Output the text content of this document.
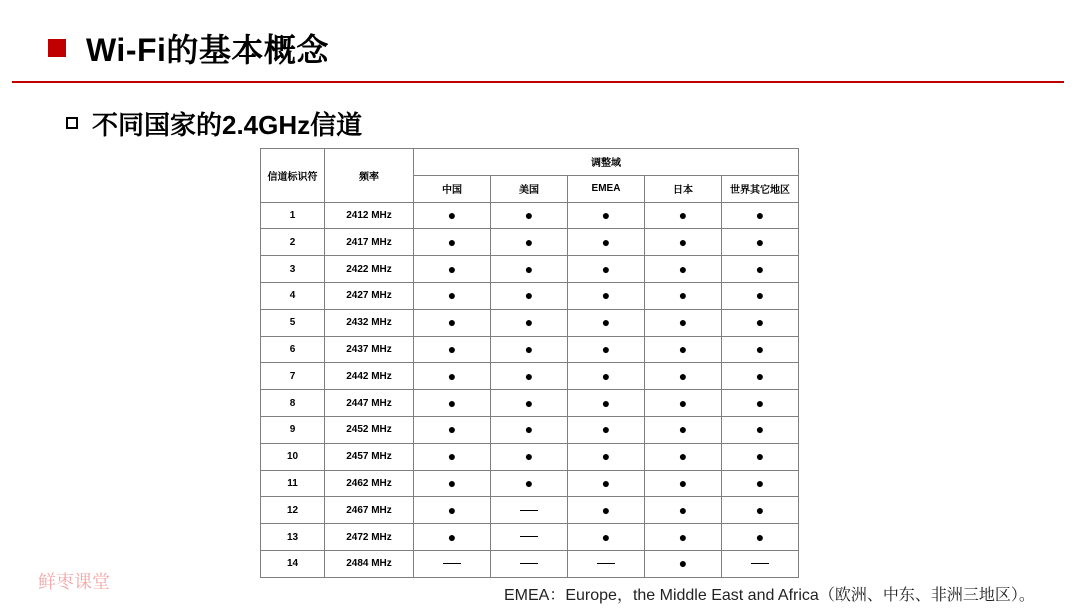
Wi-Fi的基本概念
不同国家的2.4GHz信道
信道标识符	频率	调整域				
		中国	美国	EMEA	日本	世界其它地区
1	2412 MHz	●	●	●	●	●
2	2417 MHz	●	●	●	●	●
3	2422 MHz	●	●	●	●	●
4	2427 MHz	●	●	●	●	●
5	2432 MHz	●	●	●	●	●
6	2437 MHz	●	●	●	●	●
7	2442 MHz	●	●	●	●	●
8	2447 MHz	●	●	●	●	●
9	2452 MHz	●	●	●	●	●
10	2457 MHz	●	●	●	●	●
11	2462 MHz	●	●	●	●	●
12	2467 MHz	●		●	●	●
13	2472 MHz	●		●	●	●
14	2484 MHz				●	
鲜枣课堂
EMEA：Europe，the Middle East and Africa（欧洲、中东、非洲三地区）。
